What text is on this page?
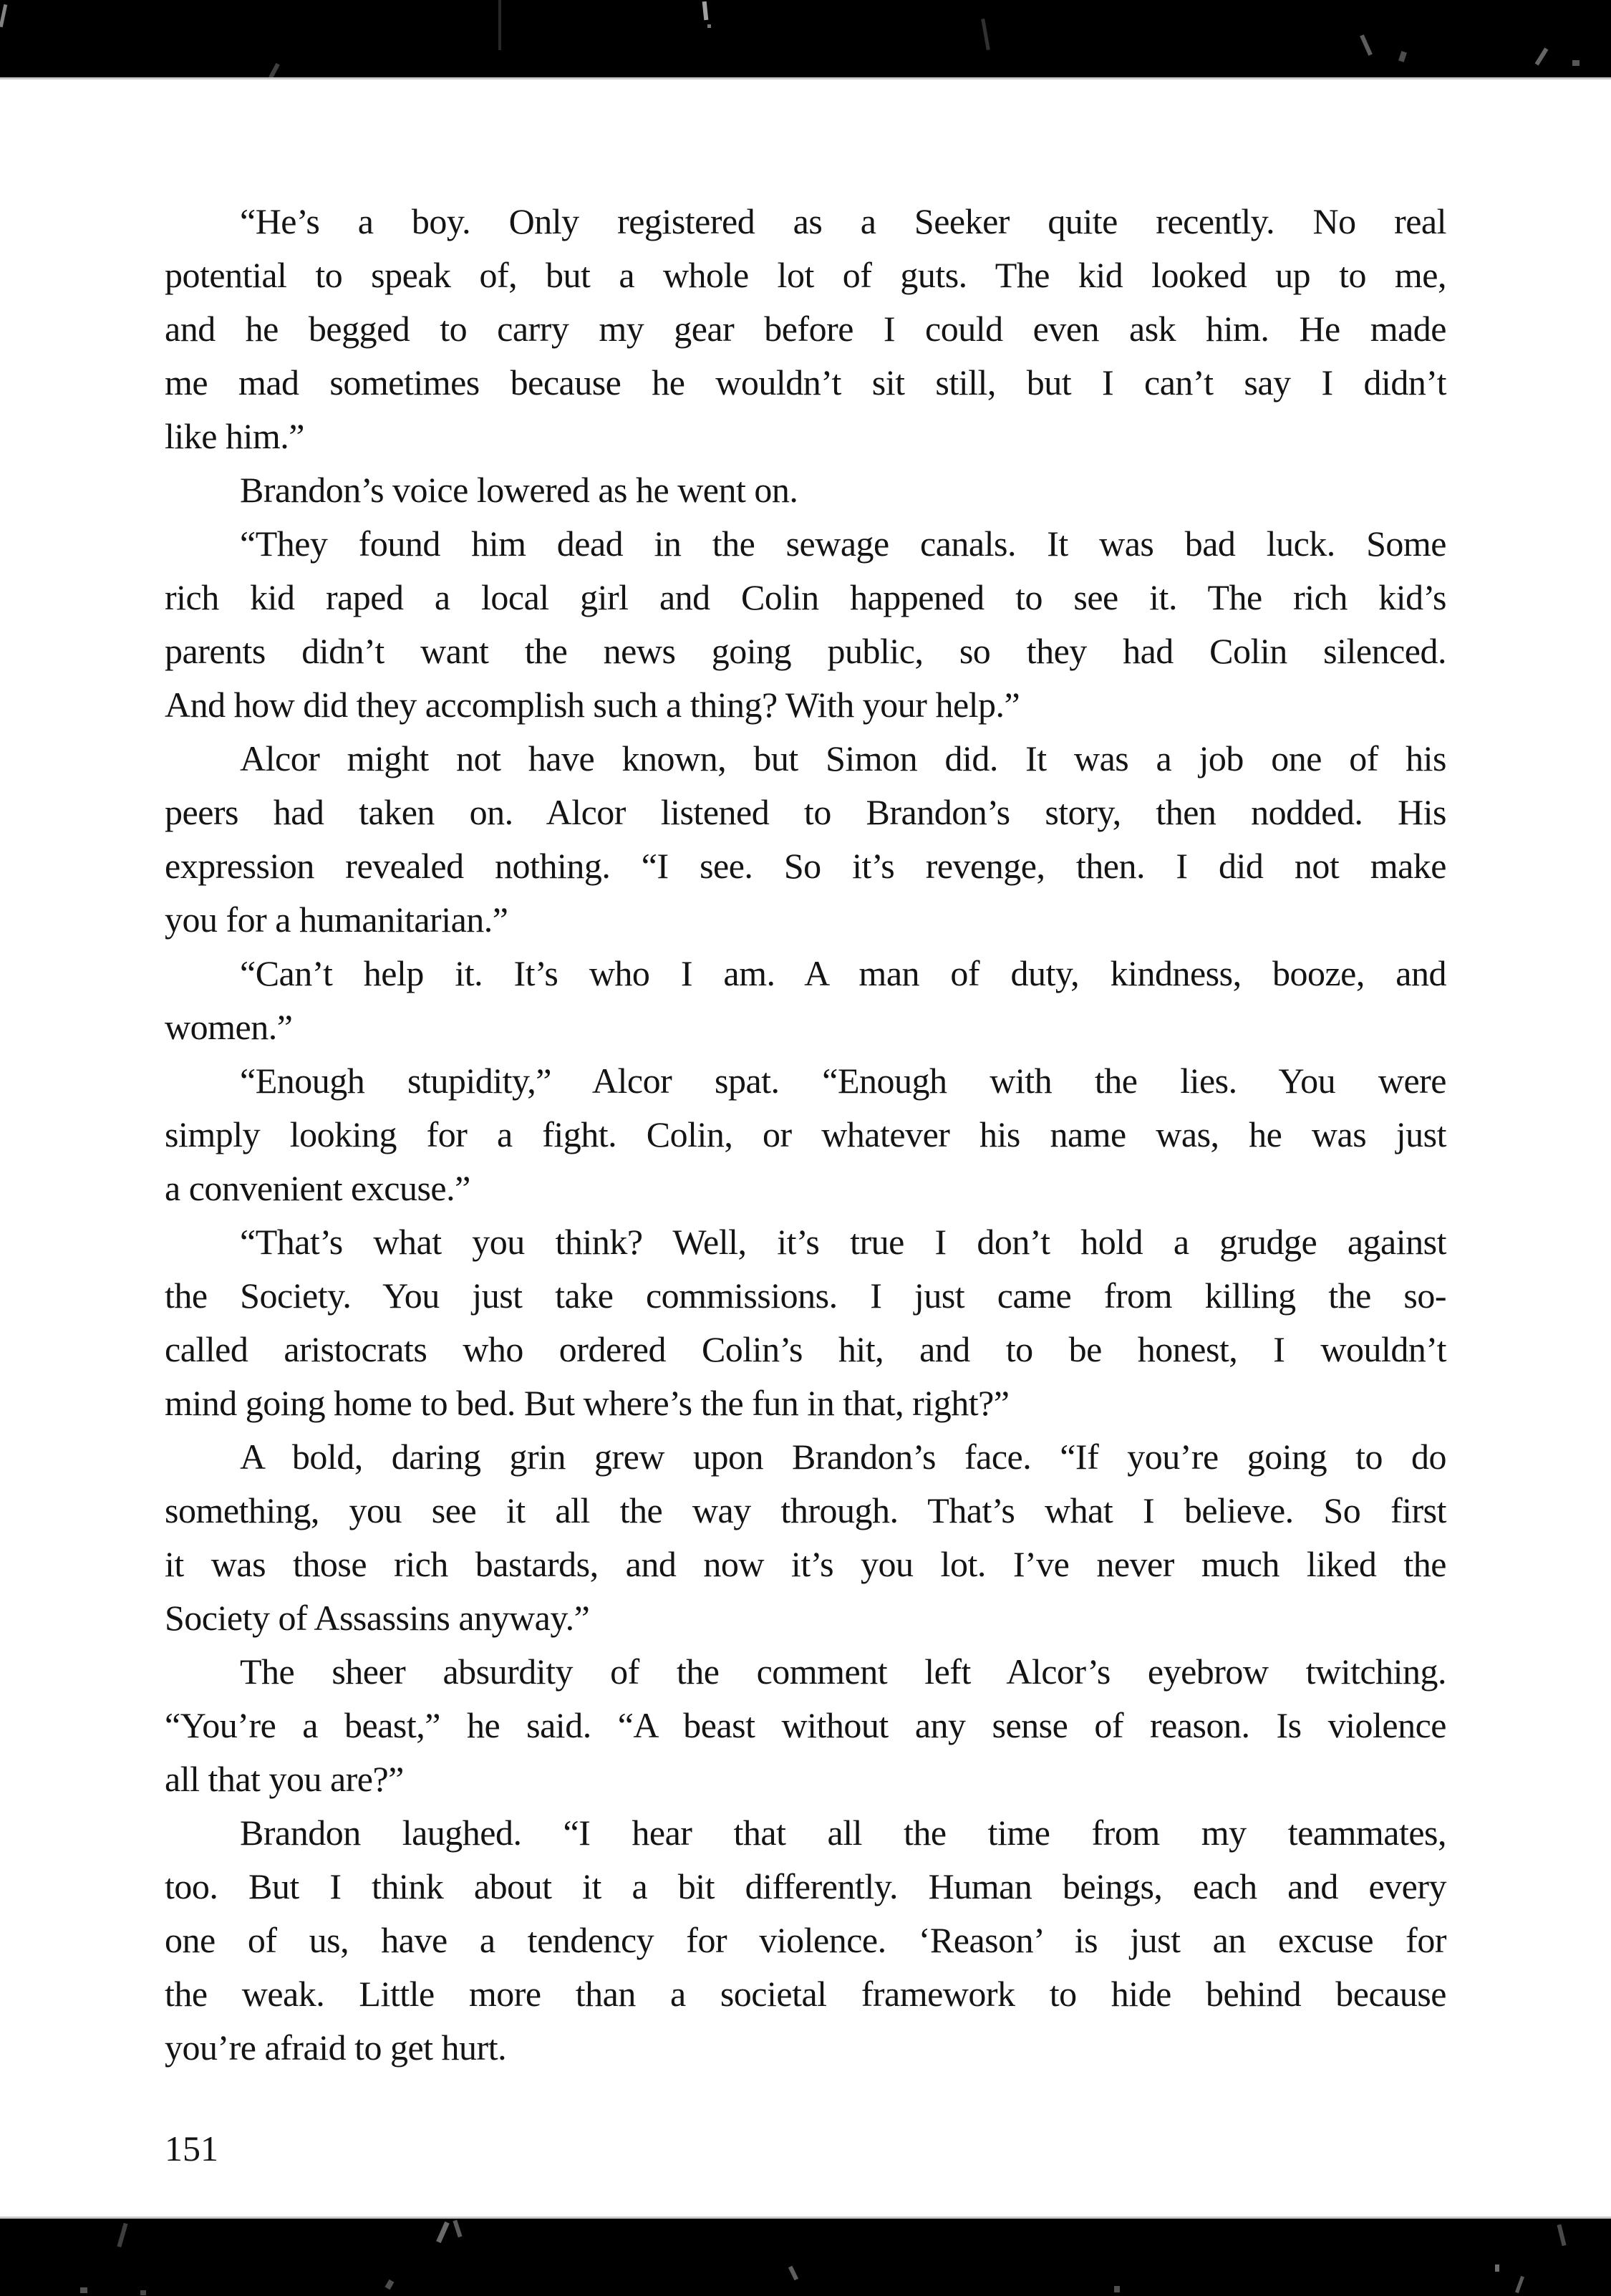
“He’s a boy. Only registered as a Seeker quite recently. No real
potential to speak of, but a whole lot of guts. The kid looked up to me,
and he begged to carry my gear before I could even ask him. He made
me mad sometimes because he wouldn’t sit still, but I can’t say I didn’t
like him.”
Brandon’s voice lowered as he went on.
“They found him dead in the sewage canals. It was bad luck. Some
rich kid raped a local girl and Colin happened to see it. The rich kid’s
parents didn’t want the news going public, so they had Colin silenced.
And how did they accomplish such a thing? With your help.”
Alcor might not have known, but Simon did. It was a job one of his
peers had taken on. Alcor listened to Brandon’s story, then nodded. His
expression revealed nothing. “I see. So it’s revenge, then. I did not make
you for a humanitarian.”
“Can’t help it. It’s who I am. A man of duty, kindness, booze, and
women.”
“Enough stupidity,” Alcor spat. “Enough with the lies. You were
simply looking for a fight. Colin, or whatever his name was, he was just
a convenient excuse.”
“That’s what you think? Well, it’s true I don’t hold a grudge against
the Society. You just take commissions. I just came from killing the so-
called aristocrats who ordered Colin’s hit, and to be honest, I wouldn’t
mind going home to bed. But where’s the fun in that, right?”
A bold, daring grin grew upon Brandon’s face. “If you’re going to do
something, you see it all the way through. That’s what I believe. So first
it was those rich bastards, and now it’s you lot. I’ve never much liked the
Society of Assassins anyway.”
The sheer absurdity of the comment left Alcor’s eyebrow twitching.
“You’re a beast,” he said. “A beast without any sense of reason. Is violence
all that you are?”
Brandon laughed. “I hear that all the time from my teammates,
too. But I think about it a bit differently. Human beings, each and every
one of us, have a tendency for violence. ‘Reason’ is just an excuse for
the weak. Little more than a societal framework to hide behind because
you’re afraid to get hurt.
151
